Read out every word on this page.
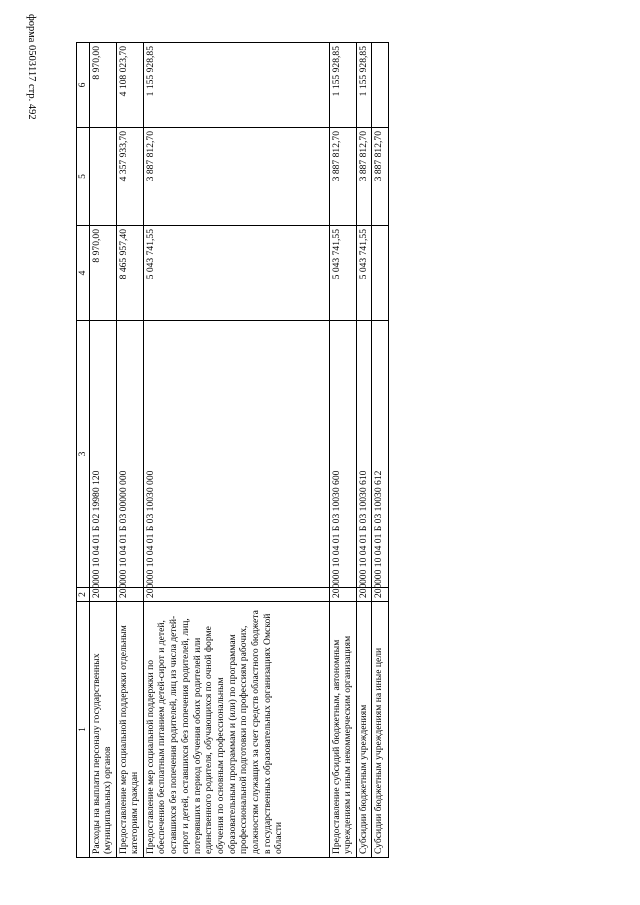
форма 0503117 стр. 492
1	2	3	4	5	6
Расходы на выплаты персоналу государственных (муниципальных) органов	200	000 10 04 01 Б 02 19980 120	8 970,00		8 970,00
Предоставление мер социальной поддержки отдельным категориям граждан	200	000 10 04 01 Б 03 00000 000	8 465 957,40	4 357 933,70	4 108 023,70
Предоставление мер социальной поддержки по обеспечению бесплатным питанием детей-сирот и детей, оставшихся без попечения родителей, лиц из числа детей-сирот и детей, оставшихся без попечения родителей, лиц, потерявших в период обучения обоих родителей или единственного родителя, обучающихся по очной форме обучения по основным профессиональным образовательным программам и (или) по программам профессиональной подготовки по профессиям рабочих, должностям служащих за счет средств областного бюджета в государственных образовательных организациях Омской области	200	000 10 04 01 Б 03 10030 000	5 043 741,55	3 887 812,70	1 155 928,85
Предоставление субсидий бюджетным, автономным учреждениям и иным некоммерческим организациям	200	000 10 04 01 Б 03 10030 600	5 043 741,55	3 887 812,70	1 155 928,85
Субсидии бюджетным учреждениям	200	000 10 04 01 Б 03 10030 610	5 043 741,55	3 887 812,70	1 155 928,85
Субсидии бюджетным учреждениям на иные цели	200	000 10 04 01 Б 03 10030 612		3 887 812,70	
